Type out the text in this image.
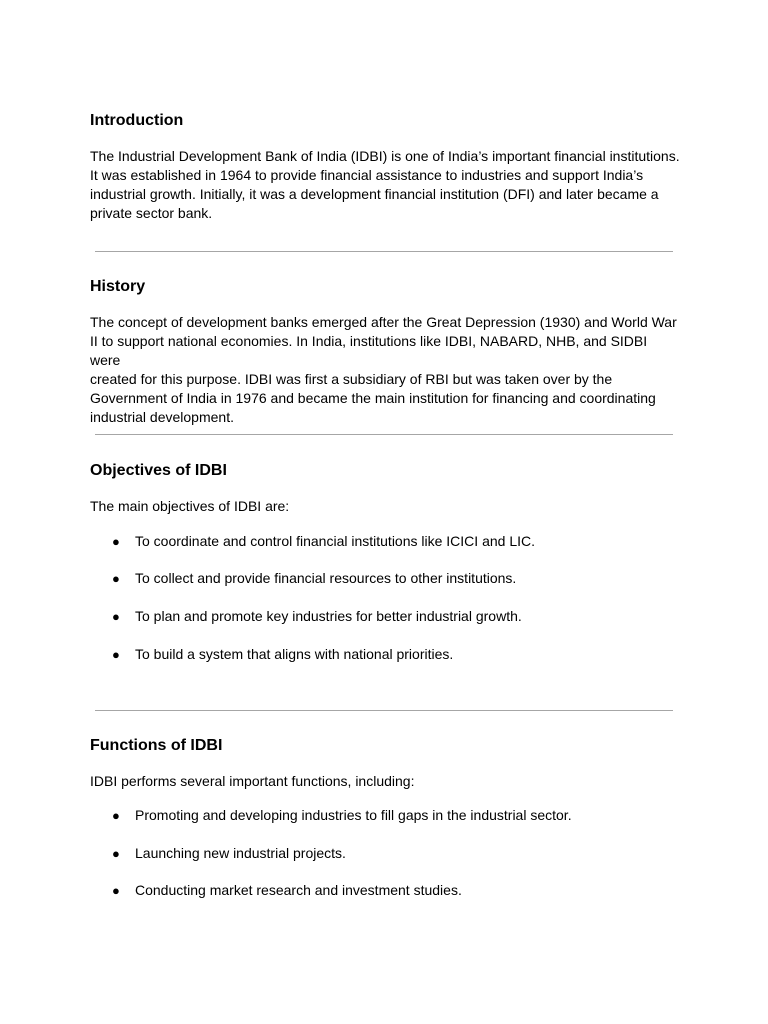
Introduction

The Industrial Development Bank of India (IDBI) is one of India’s important financial institutions.

It was established in 1964 to provide financial assistance to industries and support India’s

industrial growth. Initially, it was a development financial institution (DFI) and later became a

private sector bank.

History

The concept of development banks emerged after the Great Depression (1930) and World War

II to support national economies. In India, institutions like IDBI, NABARD, NHB, and SIDBI were

created for this purpose. IDBI was first a subsidiary of RBI but was taken over by the

Government of India in 1976 and became the main institution for financing and coordinating

industrial development.

Objectives of IDBI

The main objectives of IDBI are:

● To coordinate and control financial institutions like ICICI and LIC.
● To collect and provide financial resources to other institutions.
● To plan and promote key industries for better industrial growth.
● To build a system that aligns with national priorities.
Functions of IDBI

IDBI performs several important functions, including:

● Promoting and developing industries to fill gaps in the industrial sector.
● Launching new industrial projects.
● Conducting market research and investment studies.
